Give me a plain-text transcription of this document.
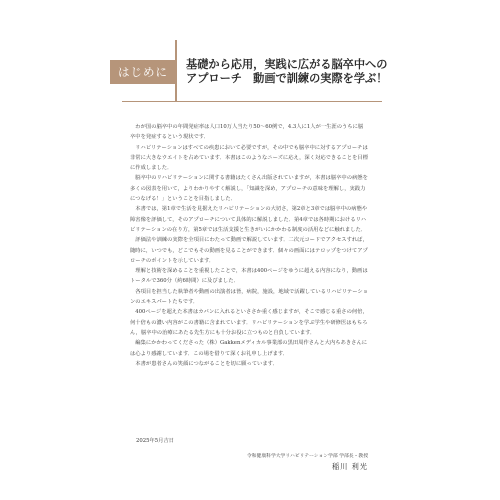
はじめに
基礎から応用，実践に広がる脳卒中への
アプローチ　動画で訓練の実際を学ぶ！

わが国の脳卒中の年間発症率は人口10万人当たり50～60例で，4.3人に1人が一生涯のうちに脳卒中を発症するという現状です．

リハビリテーションはすべての疾患において必要ですが，その中でも脳卒中に対するアプローチは非常に大きなウエイトを占めています．本書はこのようなニーズに応え，深く対応できることを目標に作成しました．

脳卒中のリハビリテーションに関する書籍はたくさん出版されていますが，本書は脳卒中の病態を多くの図表を用いて，よりわかりやすく解説し，「知識を深め，アプローチの意味を理解し，実践力につなげる！」ということを目指しました．

本書では，第1章で生活を見据えたリハビリテーションの大切さ，第2章と3章では脳卒中の病態や障害像を評価して，そのアプローチについて具体的に解説しました．第4章では各時期におけるリハビリテーションの在り方，第5章では生活支援と生きがいにかかわる制度の活用などに触れました．

評価法や訓練の実際を全項目にわたって動画で解説しています．二次元コードでアクセスすれば，随時に，いつでも，どこでもその動画を見ることができます．個々の画面にはテロップをつけてアプローチのポイントを示しています．

理解と技術を深めることを重視したことで，本書は400ページをゆうに超える内容になり，動画はトータルで360分（約6時間）に及びました．

各項目を担当した執筆者や動画の出演者は皆，病院，施設，地域で活躍しているリハビリテーションのエキスパートたちです．

400ページを超えた本書はカバンに入れるといささか重く感じますが，そこで感じる重さの何倍，何十倍もの濃い内容がこの書籍に含まれています．リハビリテーションを学ぶ学生や研修医はもちろん，脳卒中の治療にあたる先生方にも十分お役に立つものと自負しています．

編集にかかわってくださった（株）Gakkenメディカル事業部の黒田周作さんと大内ちあきさんには心より感謝しています．この場を借りて深くお礼申し上げます．

本書が患者さんの笑顔につながることを切に願っています．

2025年5月吉日
令和健康科学大学リハビリテーション学部 学部長・教授
稲川 利光
